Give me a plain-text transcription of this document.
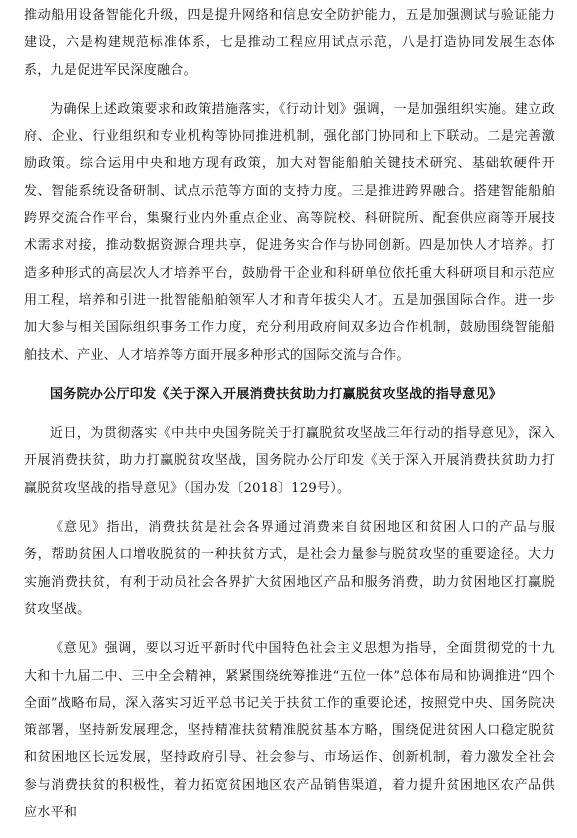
推动船用设备智能化升级，四是提升网络和信息安全防护能力，五是加强测试与验证能力建设，六是构建规范标准体系，七是推动工程应用试点示范，八是打造协同发展生态体系，九是促进军民深度融合。

为确保上述政策要求和政策措施落实，《行动计划》强调，一是加强组织实施。建立政府、企业、行业组织和专业机构等协同推进机制，强化部门协同和上下联动。二是完善激励政策。综合运用中央和地方现有政策，加大对智能船舶关键技术研究、基础软硬件开发、智能系统设备研制、试点示范等方面的支持力度。三是推进跨界融合。搭建智能船舶跨界交流合作平台，集聚行业内外重点企业、高等院校、科研院所、配套供应商等开展技术需求对接，推动数据资源合理共享，促进务实合作与协同创新。四是加快人才培养。打造多种形式的高层次人才培养平台，鼓励骨干企业和科研单位依托重大科研项目和示范应用工程，培养和引进一批智能船舶领军人才和青年拔尖人才。五是加强国际合作。进一步加大参与相关国际组织事务工作力度，充分利用政府间双多边合作机制，鼓励围绕智能船舶技术、产业、人才培养等方面开展多种形式的国际交流与合作。

国务院办公厅印发《关于深入开展消费扶贫助力打赢脱贫攻坚战的指导意见》

近日，为贯彻落实《中共中央国务院关于打赢脱贫攻坚战三年行动的指导意见》，深入开展消费扶贫，助力打赢脱贫攻坚战，国务院办公厅印发《关于深入开展消费扶贫助力打赢脱贫攻坚战的指导意见》（国办发〔2018〕129号）。

《意见》指出，消费扶贫是社会各界通过消费来自贫困地区和贫困人口的产品与服务，帮助贫困人口增收脱贫的一种扶贫方式，是社会力量参与脱贫攻坚的重要途径。大力实施消费扶贫，有利于动员社会各界扩大贫困地区产品和服务消费，助力贫困地区打赢脱贫攻坚战。

《意见》强调，要以习近平新时代中国特色社会主义思想为指导，全面贯彻党的十九大和十九届二中、三中全会精神，紧紧围绕统筹推进“五位一体”总体布局和协调推进“四个全面”战略布局，深入落实习近平总书记关于扶贫工作的重要论述，按照党中央、国务院决策部署，坚持新发展理念，坚持精准扶贫精准脱贫基本方略，围绕促进贫困人口稳定脱贫和贫困地区长远发展，坚持政府引导、社会参与、市场运作、创新机制，着力激发全社会参与消费扶贫的积极性，着力拓宽贫困地区农产品销售渠道，着力提升贫困地区农产品供应水平和
